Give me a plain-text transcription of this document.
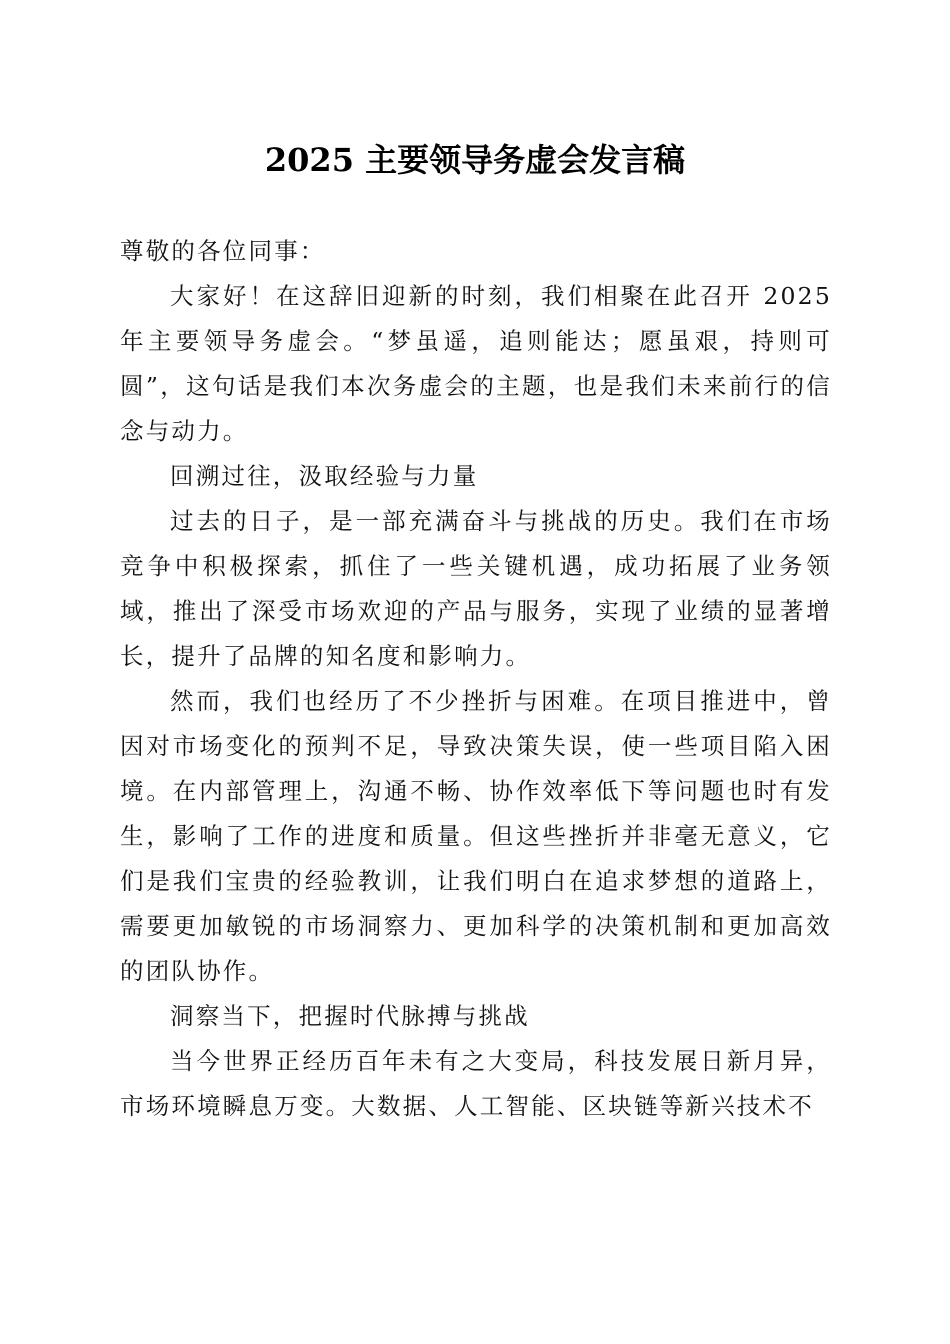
2025 主要领导务虚会发言稿

尊敬的各位同事：

大家好！在这辞旧迎新的时刻，我们相聚在此召开 2025 年主要领导务虚会。“梦虽遥，追则能达；愿虽艰，持则可圆”，这句话是我们本次务虚会的主题，也是我们未来前行的信念与动力。

回溯过往，汲取经验与力量

过去的日子，是一部充满奋斗与挑战的历史。我们在市场竞争中积极探索，抓住了一些关键机遇，成功拓展了业务领域，推出了深受市场欢迎的产品与服务，实现了业绩的显著增长，提升了品牌的知名度和影响力。

然而，我们也经历了不少挫折与困难。在项目推进中，曾因对市场变化的预判不足，导致决策失误，使一些项目陷入困境。在内部管理上，沟通不畅、协作效率低下等问题也时有发生，影响了工作的进度和质量。但这些挫折并非毫无意义，它们是我们宝贵的经验教训，让我们明白在追求梦想的道路上，需要更加敏锐的市场洞察力、更加科学的决策机制和更加高效的团队协作。

洞察当下，把握时代脉搏与挑战

当今世界正经历百年未有之大变局，科技发展日新月异，市场环境瞬息万变。大数据、人工智能、区块链等新兴技术不
